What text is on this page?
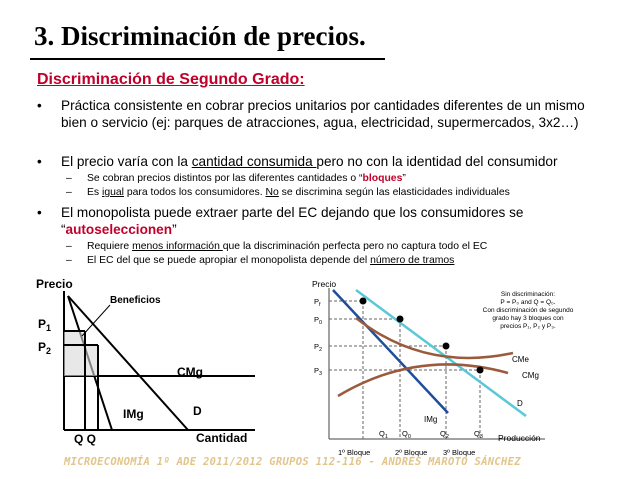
3. Discriminación de precios.
Discriminación de Segundo Grado:
• Práctica consistente en cobrar precios unitarios por cantidades diferentes de un mismo bien o servicio (ej: parques de atracciones, agua, electricidad, supermercados, 3x2…)
• El precio varía con la cantidad consumida pero no con la identidad del consumidor
– Se cobran precios distintos por las diferentes cantidades o “bloques”
– Es igual para todos los consumidores. No se discrimina según las elasticidades individuales
• El monopolista puede extraer parte del EC dejando que los consumidores se “autoseleccionen”
– Requiere menos información que la discriminación perfecta pero no captura todo el EC
– El EC del que se puede apropiar el monopolista depende del número de tramos
Precio
Cantidad
Beneficios
$P_1$
$P_2$
CMg
IMg	D
Q Q
Precio
Producción
$P_f$
$P_0$
$P_2$
$P_3$
$Q_1$ $Q_0$	$Q_2$	$Q_3$
1º Bloque	2º Bloque 3º Bloque
CMe
CMg
D
IMg
Sin discriminación:
P = P₀ and Q = Q₀.
Con discriminación de segundo
grado hay 3 bloques con
precios P₁, P₂ y P₃.
MICROECONOMÍA 1º ADE 2011/2012 GRUPOS 112-116 - ANDRÉS MAROTO SÁNCHEZ
